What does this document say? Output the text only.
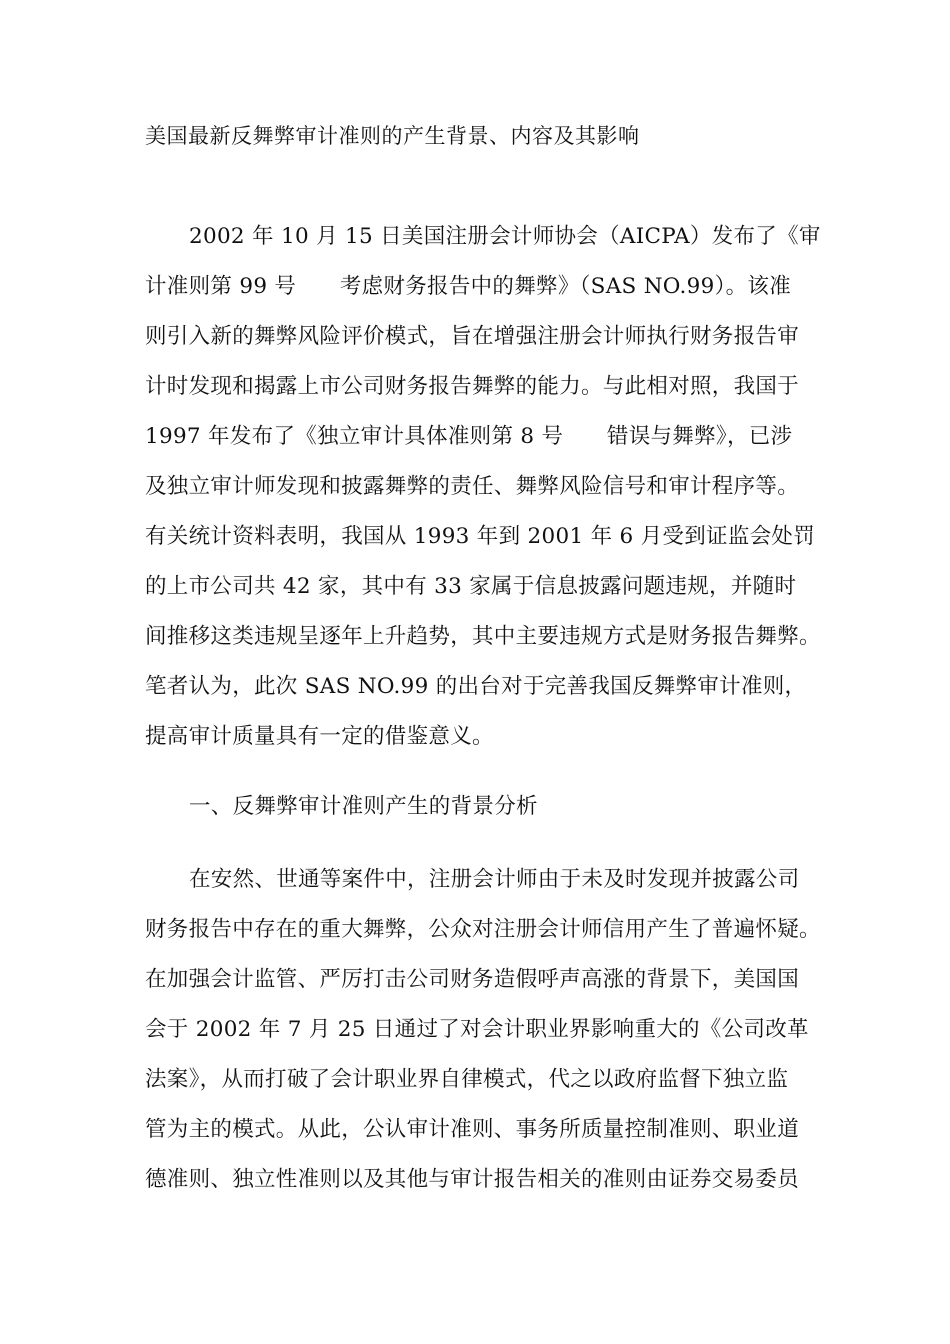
美国最新反舞弊审计准则的产生背景、内容及其影响
2002 年 10 月 15 日美国注册会计师协会（AICPA）发布了《审
计准则第 99 号　　考虑财务报告中的舞弊》（SAS NO.99）。该准
则引入新的舞弊风险评价模式，旨在增强注册会计师执行财务报告审
计时发现和揭露上市公司财务报告舞弊的能力。与此相对照，我国于
1997 年发布了《独立审计具体准则第 8 号　　错误与舞弊》，已涉
及独立审计师发现和披露舞弊的责任、舞弊风险信号和审计程序等。
有关统计资料表明，我国从 1993 年到 2001 年 6 月受到证监会处罚
的上市公司共 42 家，其中有 33 家属于信息披露问题违规，并随时
间推移这类违规呈逐年上升趋势，其中主要违规方式是财务报告舞弊。
笔者认为，此次 SAS NO.99 的出台对于完善我国反舞弊审计准则，
提高审计质量具有一定的借鉴意义。
一、反舞弊审计准则产生的背景分析
在安然、世通等案件中，注册会计师由于未及时发现并披露公司
财务报告中存在的重大舞弊，公众对注册会计师信用产生了普遍怀疑。
在加强会计监管、严厉打击公司财务造假呼声高涨的背景下，美国国
会于 2002 年 7 月 25 日通过了对会计职业界影响重大的《公司改革
法案》，从而打破了会计职业界自律模式，代之以政府监督下独立监
管为主的模式。从此，公认审计准则、事务所质量控制准则、职业道
德准则、独立性准则以及其他与审计报告相关的准则由证券交易委员
